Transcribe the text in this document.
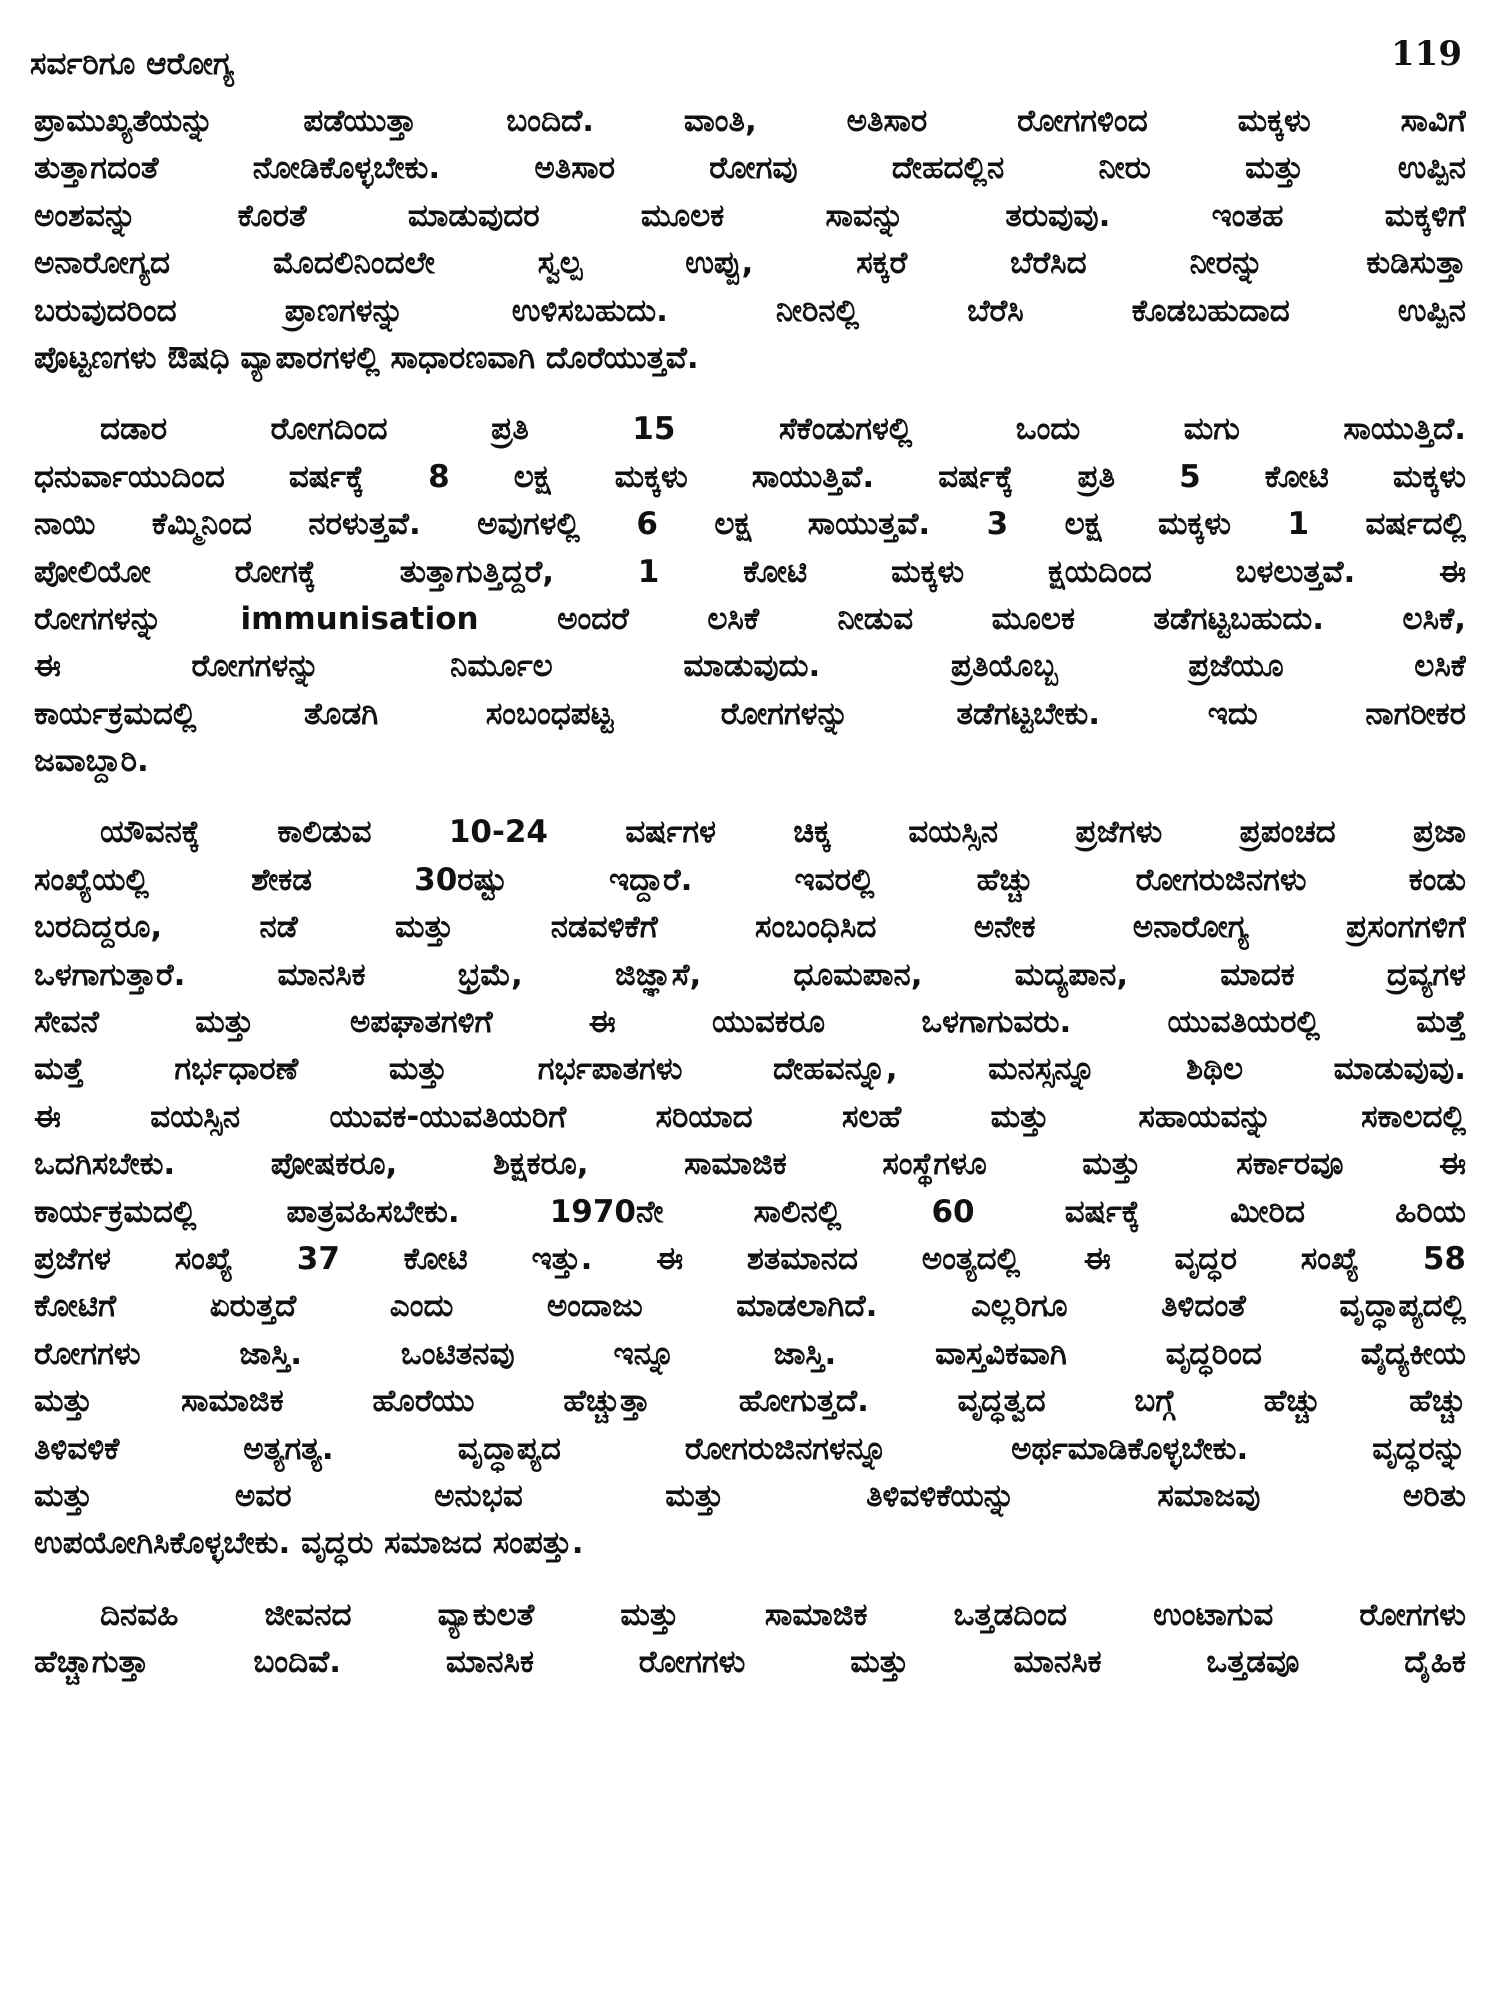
ಸರ್ವರಿಗೂ ಆರೋಗ್ಯ	119
ಪ್ರಾಮುಖ್ಯತೆಯನ್ನು ಪಡೆಯುತ್ತಾ ಬಂದಿದೆ. ವಾಂತಿ, ಅತಿಸಾರ ರೋಗಗಳಿಂದ ಮಕ್ಕಳು ಸಾವಿಗೆ
ತುತ್ತಾಗದಂತೆ ನೋಡಿಕೊಳ್ಳಬೇಕು. ಅತಿಸಾರ ರೋಗವು ದೇಹದಲ್ಲಿನ ನೀರು ಮತ್ತು ಉಪ್ಪಿನ
ಅಂಶವನ್ನು ಕೊರತೆ ಮಾಡುವುದರ ಮೂಲಕ ಸಾವನ್ನು ತರುವುವು. ಇಂತಹ ಮಕ್ಕಳಿಗೆ
ಅನಾರೋಗ್ಯದ ಮೊದಲಿನಿಂದಲೇ ಸ್ವಲ್ಪ ಉಪ್ಪು, ಸಕ್ಕರೆ ಬೆರೆಸಿದ ನೀರನ್ನು ಕುಡಿಸುತ್ತಾ
ಬರುವುದರಿಂದ ಪ್ರಾಣಗಳನ್ನು ಉಳಿಸಬಹುದು. ನೀರಿನಲ್ಲಿ ಬೆರೆಸಿ ಕೊಡಬಹುದಾದ ಉಪ್ಪಿನ
ಪೊಟ್ಟಣಗಳು ಔಷಧಿ ವ್ಯಾಪಾರಗಳಲ್ಲಿ ಸಾಧಾರಣವಾಗಿ ದೊರೆಯುತ್ತವೆ.
ದಡಾರ ರೋಗದಿಂದ ಪ್ರತಿ 15 ಸೆಕೆಂಡುಗಳಲ್ಲಿ ಒಂದು ಮಗು ಸಾಯುತ್ತಿದೆ.
ಧನುರ್ವಾಯುದಿಂದ ವರ್ಷಕ್ಕೆ 8 ಲಕ್ಷ ಮಕ್ಕಳು ಸಾಯುತ್ತಿವೆ. ವರ್ಷಕ್ಕೆ ಪ್ರತಿ 5 ಕೋಟಿ ಮಕ್ಕಳು
ನಾಯಿ ಕೆಮ್ಮಿನಿಂದ ನರಳುತ್ತವೆ. ಅವುಗಳಲ್ಲಿ 6 ಲಕ್ಷ ಸಾಯುತ್ತವೆ. 3 ಲಕ್ಷ ಮಕ್ಕಳು 1 ವರ್ಷದಲ್ಲಿ
ಪೋಲಿಯೋ ರೋಗಕ್ಕೆ ತುತ್ತಾಗುತ್ತಿದ್ದರೆ, 1 ಕೋಟಿ ಮಕ್ಕಳು ಕ್ಷಯದಿಂದ ಬಳಲುತ್ತವೆ. ಈ
ರೋಗಗಳನ್ನು immunisation ಅಂದರೆ ಲಸಿಕೆ ನೀಡುವ ಮೂಲಕ ತಡೆಗಟ್ಟಬಹುದು. ಲಸಿಕೆ,
ಈ ರೋಗಗಳನ್ನು ನಿರ್ಮೂಲ ಮಾಡುವುದು. ಪ್ರತಿಯೊಬ್ಬ ಪ್ರಜೆಯೂ ಲಸಿಕೆ
ಕಾರ್ಯಕ್ರಮದಲ್ಲಿ ತೊಡಗಿ ಸಂಬಂಧಪಟ್ಟ ರೋಗಗಳನ್ನು ತಡೆಗಟ್ಟಬೇಕು. ಇದು ನಾಗರೀಕರ
ಜವಾಬ್ದಾರಿ.
ಯೌವನಕ್ಕೆ ಕಾಲಿಡುವ 10-24 ವರ್ಷಗಳ ಚಿಕ್ಕ ವಯಸ್ಸಿನ ಪ್ರಜೆಗಳು ಪ್ರಪಂಚದ ಪ್ರಜಾ
ಸಂಖ್ಯೆಯಲ್ಲಿ ಶೇಕಡ 30ರಷ್ಟು ಇದ್ದಾರೆ. ಇವರಲ್ಲಿ ಹೆಚ್ಚು ರೋಗರುಜಿನಗಳು ಕಂಡು
ಬರದಿದ್ದರೂ, ನಡೆ ಮತ್ತು ನಡವಳಿಕೆಗೆ ಸಂಬಂಧಿಸಿದ ಅನೇಕ ಅನಾರೋಗ್ಯ ಪ್ರಸಂಗಗಳಿಗೆ
ಒಳಗಾಗುತ್ತಾರೆ. ಮಾನಸಿಕ ಭ್ರಮೆ, ಜಿಜ್ಞಾಸೆ, ಧೂಮಪಾನ, ಮದ್ಯಪಾನ, ಮಾದಕ ದ್ರವ್ಯಗಳ
ಸೇವನೆ ಮತ್ತು ಅಪಘಾತಗಳಿಗೆ ಈ ಯುವಕರೂ ಒಳಗಾಗುವರು. ಯುವತಿಯರಲ್ಲಿ ಮತ್ತೆ
ಮತ್ತೆ ಗರ್ಭಧಾರಣೆ ಮತ್ತು ಗರ್ಭಪಾತಗಳು ದೇಹವನ್ನೂ, ಮನಸ್ಸನ್ನೂ ಶಿಥಿಲ ಮಾಡುವುವು.
ಈ ವಯಸ್ಸಿನ ಯುವಕ-ಯುವತಿಯರಿಗೆ ಸರಿಯಾದ ಸಲಹೆ ಮತ್ತು ಸಹಾಯವನ್ನು ಸಕಾಲದಲ್ಲಿ
ಒದಗಿಸಬೇಕು. ಪೋಷಕರೂ, ಶಿಕ್ಷಕರೂ, ಸಾಮಾಜಿಕ ಸಂಸ್ಥೆಗಳೂ ಮತ್ತು ಸರ್ಕಾರವೂ ಈ
ಕಾರ್ಯಕ್ರಮದಲ್ಲಿ ಪಾತ್ರವಹಿಸಬೇಕು. 1970ನೇ ಸಾಲಿನಲ್ಲಿ 60 ವರ್ಷಕ್ಕೆ ಮೀರಿದ ಹಿರಿಯ
ಪ್ರಜೆಗಳ ಸಂಖ್ಯೆ 37 ಕೋಟಿ ಇತ್ತು. ಈ ಶತಮಾನದ ಅಂತ್ಯದಲ್ಲಿ ಈ ವೃದ್ಧರ ಸಂಖ್ಯೆ 58
ಕೋಟಿಗೆ ಏರುತ್ತದೆ ಎಂದು ಅಂದಾಜು ಮಾಡಲಾಗಿದೆ. ಎಲ್ಲರಿಗೂ ತಿಳಿದಂತೆ ವೃದ್ಧಾಪ್ಯದಲ್ಲಿ
ರೋಗಗಳು ಜಾಸ್ತಿ. ಒಂಟಿತನವು ಇನ್ನೂ ಜಾಸ್ತಿ. ವಾಸ್ತವಿಕವಾಗಿ ವೃದ್ಧರಿಂದ ವೈದ್ಯಕೀಯ
ಮತ್ತು ಸಾಮಾಜಿಕ ಹೊರೆಯು ಹೆಚ್ಚುತ್ತಾ ಹೋಗುತ್ತದೆ. ವೃದ್ಧತ್ವದ ಬಗ್ಗೆ ಹೆಚ್ಚು ಹೆಚ್ಚು
ತಿಳಿವಳಿಕೆ ಅತ್ಯಗತ್ಯ. ವೃದ್ಧಾಪ್ಯದ ರೋಗರುಜಿನಗಳನ್ನೂ ಅರ್ಥಮಾಡಿಕೊಳ್ಳಬೇಕು. ವೃದ್ಧರನ್ನು
ಮತ್ತು ಅವರ ಅನುಭವ ಮತ್ತು ತಿಳಿವಳಿಕೆಯನ್ನು ಸಮಾಜವು ಅರಿತು
ಉಪಯೋಗಿಸಿಕೊಳ್ಳಬೇಕು. ವೃದ್ಧರು ಸಮಾಜದ ಸಂಪತ್ತು.
ದಿನವಹಿ ಜೀವನದ ವ್ಯಾಕುಲತೆ ಮತ್ತು ಸಾಮಾಜಿಕ ಒತ್ತಡದಿಂದ ಉಂಟಾಗುವ ರೋಗಗಳು
ಹೆಚ್ಚಾಗುತ್ತಾ ಬಂದಿವೆ. ಮಾನಸಿಕ ರೋಗಗಳು ಮತ್ತು ಮಾನಸಿಕ ಒತ್ತಡವೂ ದೈಹಿಕ
